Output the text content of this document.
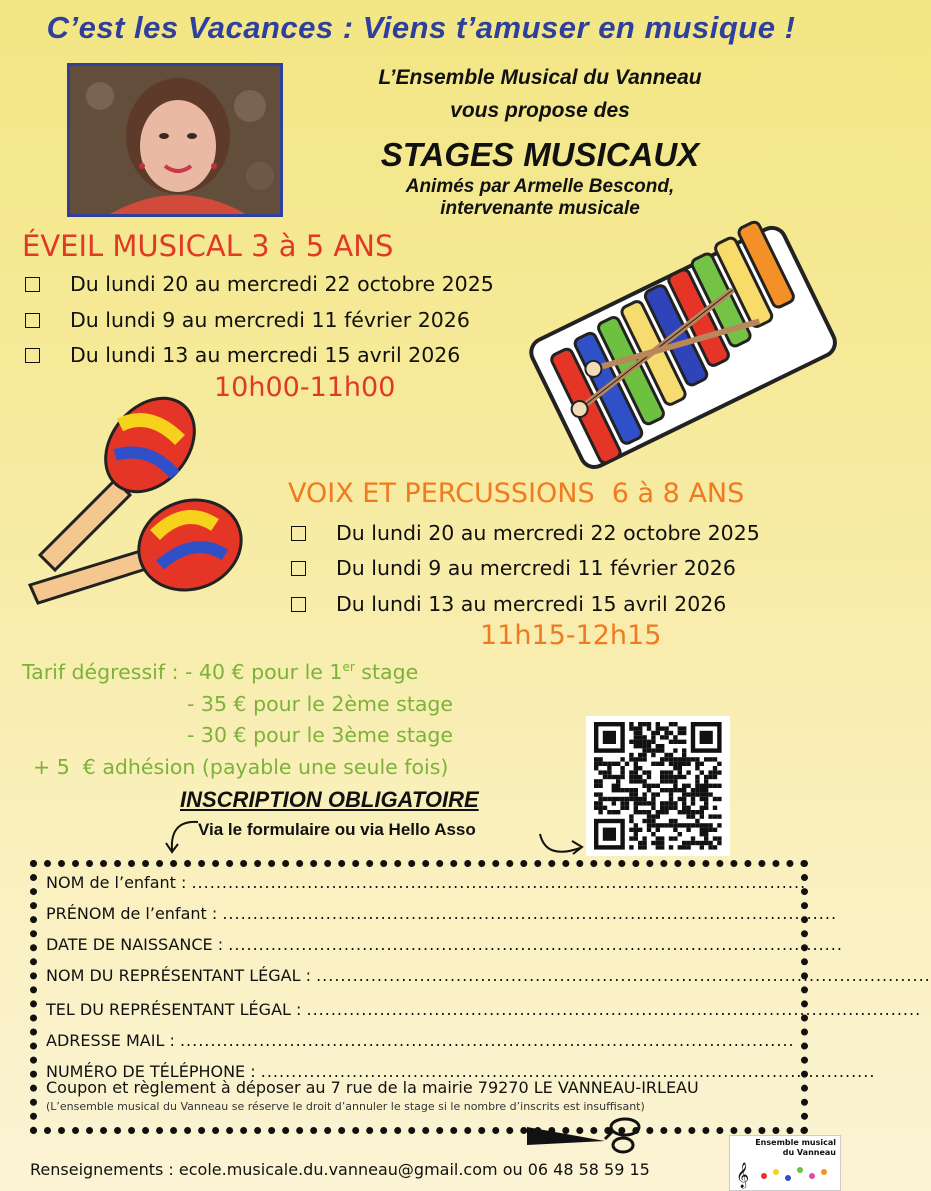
C’est les Vacances : Viens t’amuser en musique !
L’Ensemble Musical du Vanneau
vous propose des
STAGES MUSICAUX
Animés par Armelle Bescond,
intervenante musicale
ÉVEIL MUSICAL 3 à 5 ANS
Du lundi 20 au mercredi 22 octobre 2025
Du lundi 9 au mercredi 11 février 2026
Du lundi 13 au mercredi 15 avril 2026
10h00-11h00
VOIX ET PERCUSSIONS  6 à 8 ANS
Du lundi 20 au mercredi 22 octobre 2025
Du lundi 9 au mercredi 11 février 2026
Du lundi 13 au mercredi 15 avril 2026
11h15-12h15
Tarif dégressif : - 40 € pour le 1er stage
- 35 € pour le 2ème stage
- 30 € pour le 3ème stage
+ 5  € adhésion (payable une seule fois)
INSCRIPTION OBLIGATOIRE
Via le formulaire ou via Hello Asso
NOM de l’enfant : .....................................................................................................
PRÉNOM de l’enfant : .....................................................................................................
DATE DE NAISSANCE : .....................................................................................................
NOM DU REPRÉSENTANT LÉGAL : .....................................................................................................
TEL DU REPRÉSENTANT LÉGAL : .....................................................................................................
ADRESSE MAIL : .....................................................................................................
NUMÉRO DE TÉLÉPHONE : .....................................................................................................
Coupon et règlement à déposer au 7 rue de la mairie 79270 LE VANNEAU-IRLEAU
(L’ensemble musical du Vanneau se réserve le droit d’annuler le stage si le nombre d’inscrits est insuffisant)
Renseignements : ecole.musicale.du.vanneau@gmail.com ou 06 48 58 59 15
Ensemble musical
du Vanneau
𝄞
